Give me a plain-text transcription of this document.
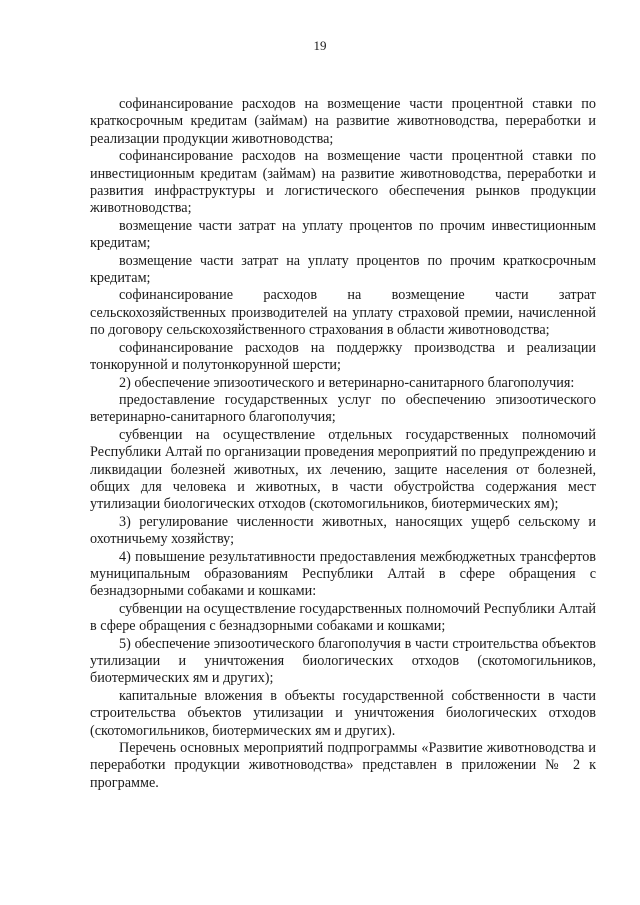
19

софинансирование расходов на возмещение части процентной ставки по краткосрочным кредитам (займам) на развитие животноводства, переработки и реализации продукции животноводства;

софинансирование расходов на возмещение части процентной ставки по инвестиционным кредитам (займам) на развитие животноводства, переработки и развития инфраструктуры и логистического обеспечения рынков продукции животноводства;

возмещение части затрат на уплату процентов по прочим инвестиционным кредитам;

возмещение части затрат на уплату процентов по прочим краткосрочным кредитам;

софинансирование расходов на возмещение части затрат сельскохозяйственных производителей на уплату страховой премии, начисленной по договору сельскохозяйственного страхования в области животноводства;

софинансирование расходов на поддержку производства и реализации тонкорунной и полутонкорунной шерсти;

2) обеспечение эпизоотического и ветеринарно-санитарного благополучия:

предоставление государственных услуг по обеспечению эпизоотического ветеринарно-санитарного благополучия;

субвенции на осуществление отдельных государственных полномочий Республики Алтай по организации проведения мероприятий по предупреждению и ликвидации болезней животных, их лечению, защите населения от болезней, общих для человека и животных, в части обустройства содержания мест утилизации биологических отходов (скотомогильников, биотермических ям);

3) регулирование численности животных, наносящих ущерб сельскому и охотничьему хозяйству;

4) повышение результативности предоставления межбюджетных трансфертов муниципальным образованиям Республики Алтай в сфере обращения с безнадзорными собаками и кошками:

субвенции на осуществление государственных полномочий Республики Алтай в сфере обращения с безнадзорными собаками и кошками;

5) обеспечение эпизоотического благополучия в части строительства объектов утилизации и уничтожения биологических отходов (скотомогильников, биотермических ям и других);

капитальные вложения в объекты государственной собственности в части строительства объектов утилизации и уничтожения биологических отходов (скотомогильников, биотермических ям и других).

Перечень основных мероприятий подпрограммы «Развитие животноводства и переработки продукции животноводства» представлен в приложении № 2 к программе.
